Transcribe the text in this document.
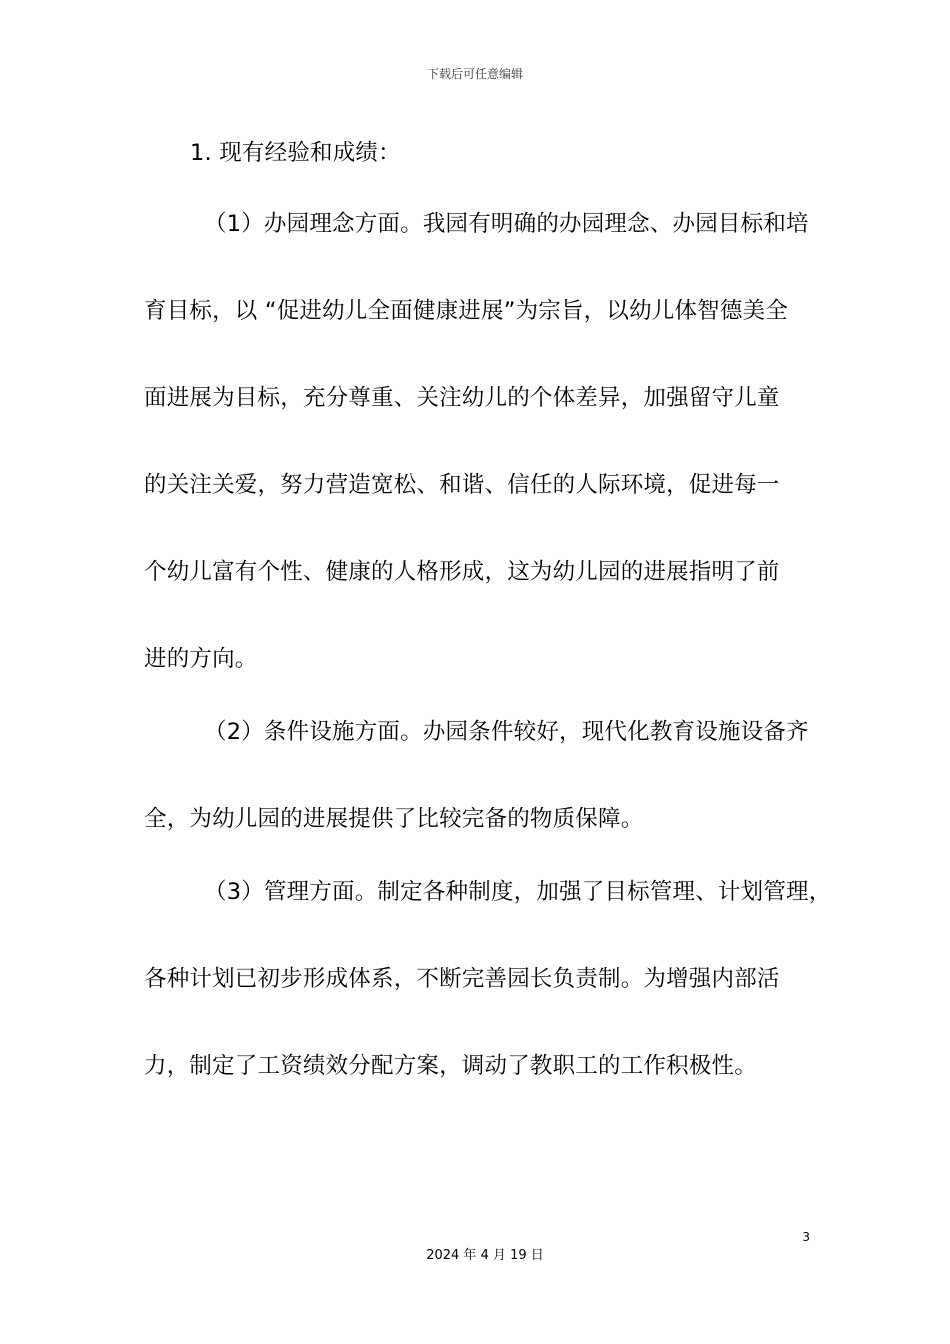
下载后可任意编辑
1. 现有经验和成绩：
（1）办园理念方面。我园有明确的办园理念、办园目标和培
育目标，以 “促进幼儿全面健康进展”为宗旨，以幼儿体智德美全
面进展为目标，充分尊重、关注幼儿的个体差异，加强留守儿童
的关注关爱，努力营造宽松、和谐、信任的人际环境，促进每一
个幼儿富有个性、健康的人格形成，这为幼儿园的进展指明了前
进的方向。
（2）条件设施方面。办园条件较好，现代化教育设施设备齐
全，为幼儿园的进展提供了比较完备的物质保障。
（3）管理方面。制定各种制度，加强了目标管理、计划管理，
各种计划已初步形成体系，不断完善园长负责制。为增强内部活
力，制定了工资绩效分配方案，调动了教职工的工作积极性。
3
2024 年 4 月 19 日
